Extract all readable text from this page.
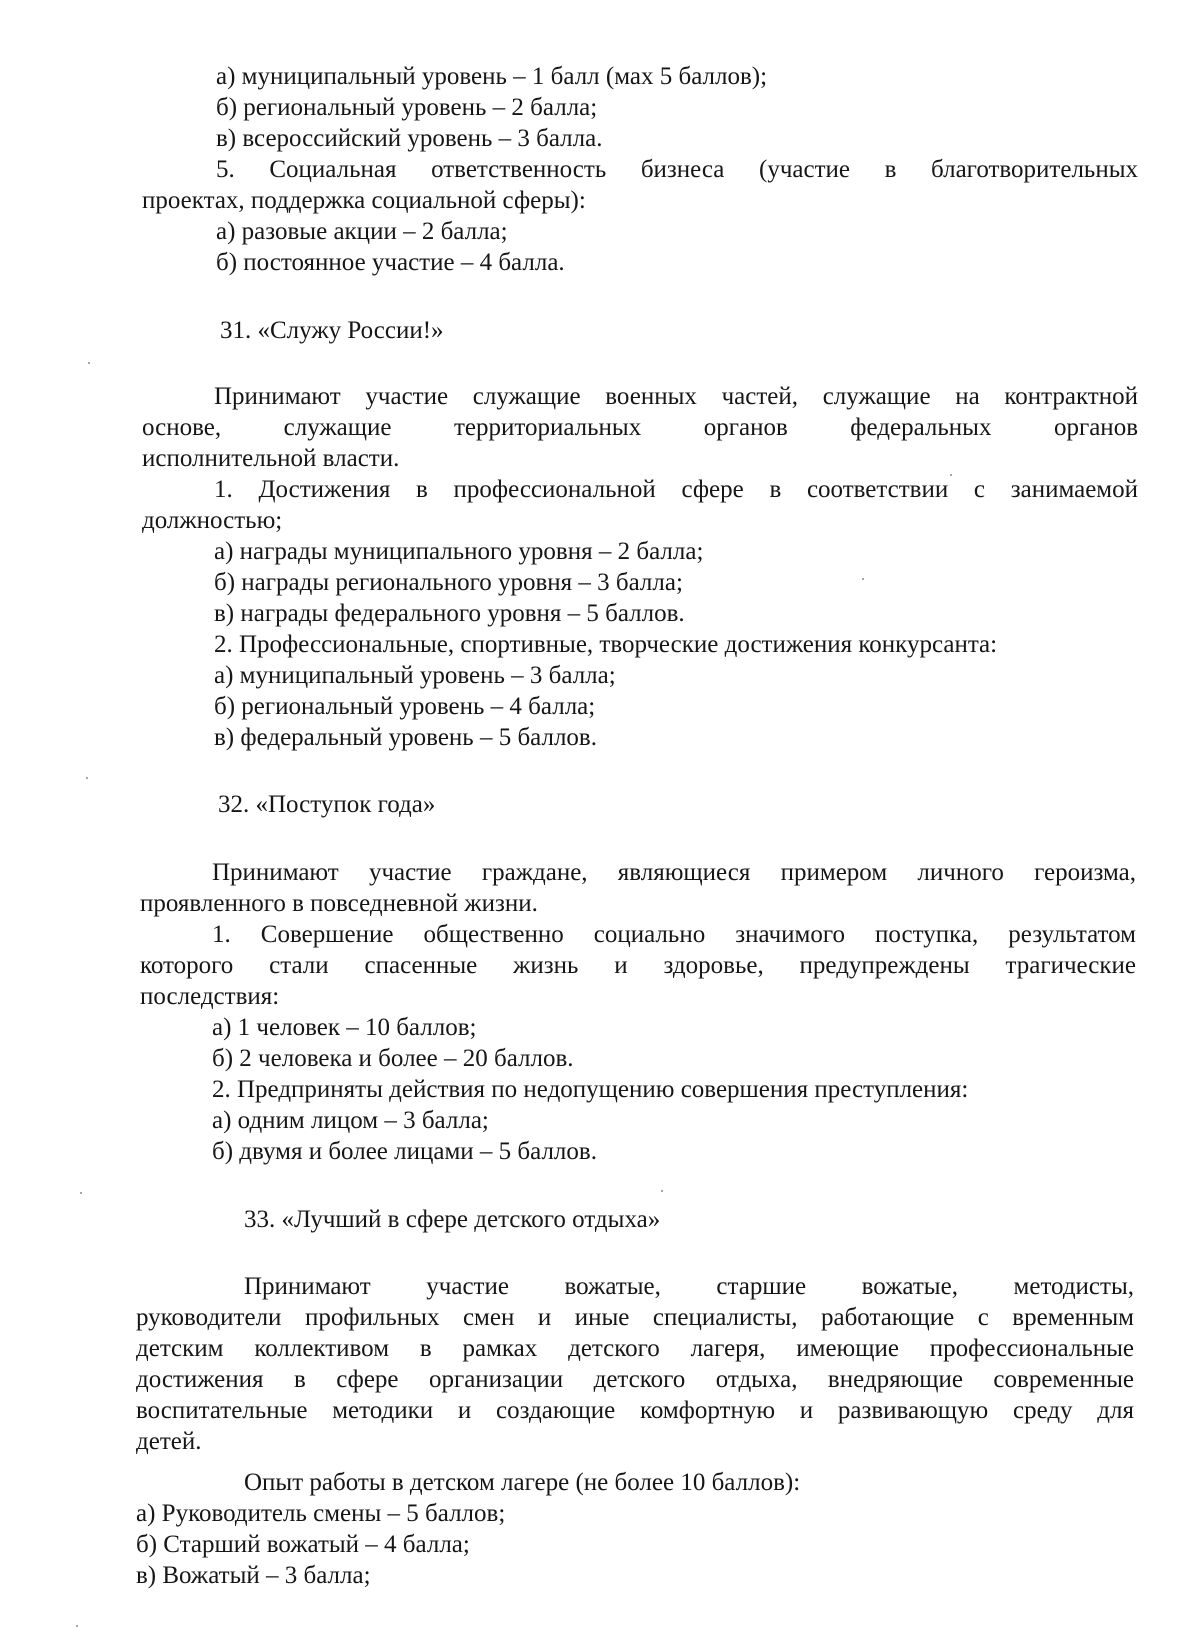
а) муниципальный уровень – 1 балл (мах 5 баллов);

б) региональный уровень – 2 балла;

в) всероссийский уровень – 3 балла.

5. Социальная ответственность бизнеса (участие в благотворительных

проектах, поддержка социальной сферы):

а) разовые акции – 2 балла;

б) постоянное участие – 4 балла.

31. «Служу России!»

Принимают участие служащие военных частей, служащие на контрактной

основе, служащие территориальных органов федеральных органов

исполнительной власти.

1. Достижения в профессиональной сфере в соответствии с занимаемой

должностью;

а) награды муниципального уровня – 2 балла;

б) награды регионального уровня – 3 балла;

в) награды федерального уровня – 5 баллов.

2. Профессиональные, спортивные, творческие достижения конкурсанта:

а) муниципальный уровень – 3 балла;

б) региональный уровень – 4 балла;

в) федеральный уровень – 5 баллов.

32. «Поступок года»

Принимают участие граждане, являющиеся примером личного героизма,

проявленного в повседневной жизни.

1. Совершение общественно социально значимого поступка, результатом

которого стали спасенные жизнь и здоровье, предупреждены трагические

последствия:

а) 1 человек – 10 баллов;

б) 2 человека и более – 20 баллов.

2. Предприняты действия по недопущению совершения преступления:

а) одним лицом – 3 балла;

б) двумя и более лицами – 5 баллов.

33. «Лучший в сфере детского отдыха»

Принимают участие вожатые, старшие вожатые, методисты,

руководители профильных смен и иные специалисты, работающие с временным

детским коллективом в рамках детского лагеря, имеющие профессиональные

достижения в сфере организации детского отдыха, внедряющие современные

воспитательные методики и создающие комфортную и развивающую среду для

детей.

Опыт работы в детском лагере (не более 10 баллов):

а) Руководитель смены – 5 баллов;

б) Старший вожатый – 4 балла;

в) Вожатый – 3 балла;
